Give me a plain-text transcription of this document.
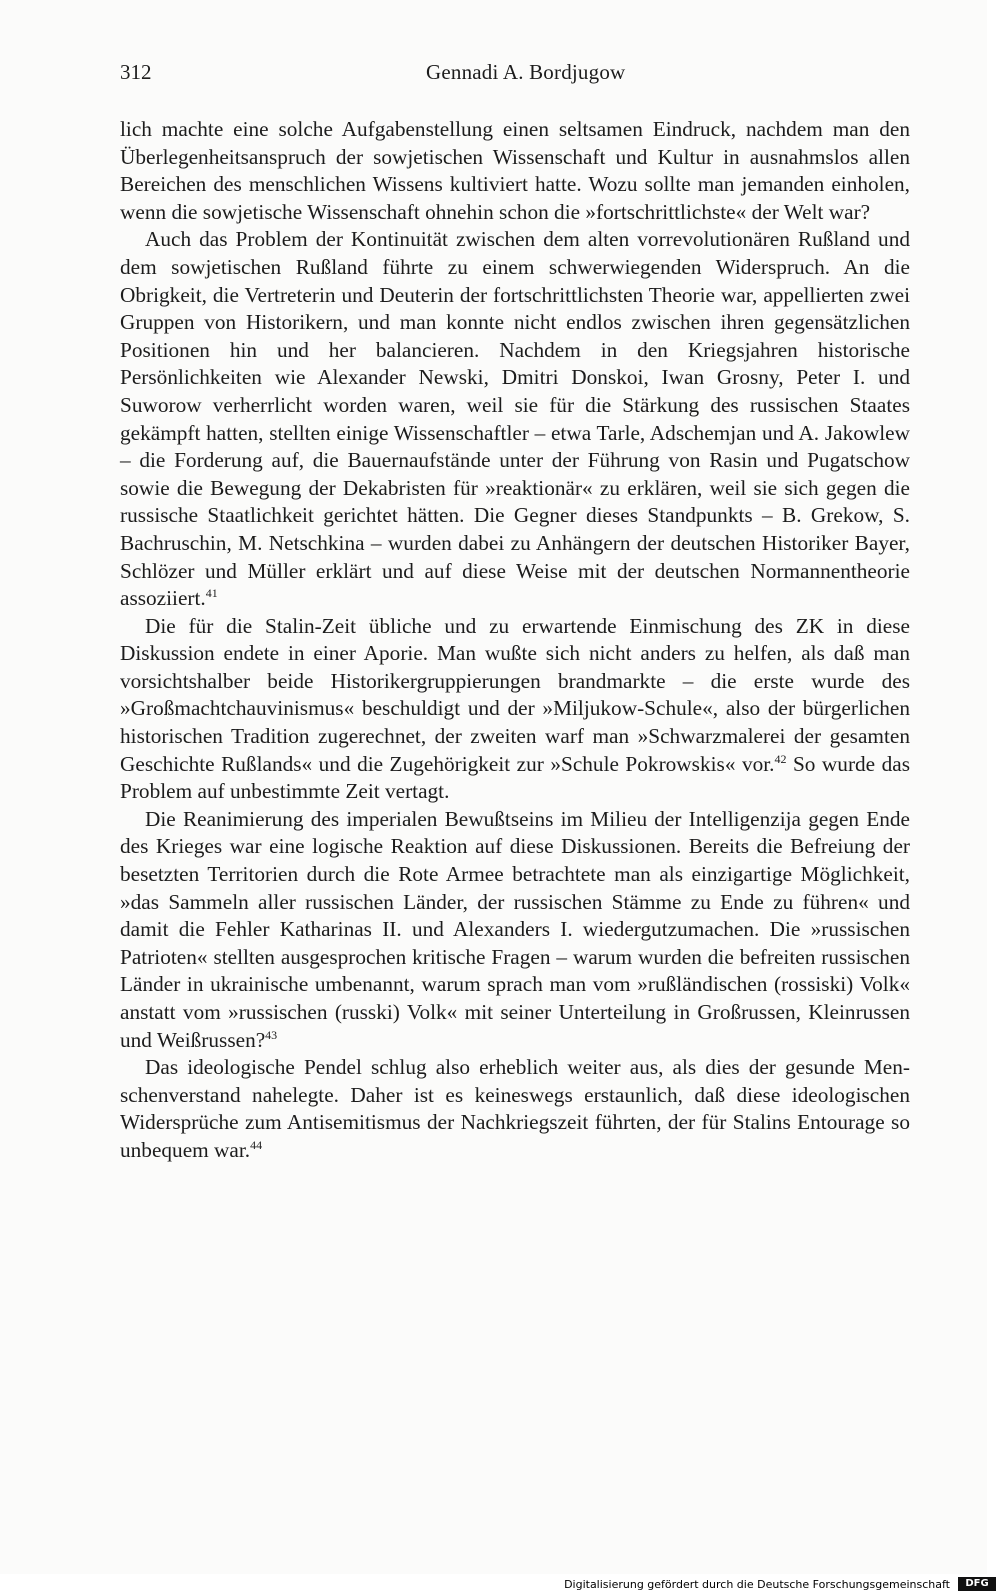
312	Gennadi A. Bordjugow

lich machte eine solche Aufgabenstellung einen seltsamen Eindruck, nachdem man den Überlegenheitsanspruch der sowjetischen Wissenschaft und Kultur in ausnahmslos allen Bereichen des menschlichen Wissens kultiviert hatte. Wozu sollte man jemanden einholen, wenn die sowjetische Wissenschaft ohnehin schon die »fortschrittlichste« der Welt war?

Auch das Problem der Kontinuität zwischen dem alten vorrevolutionären Rußland und dem sowjetischen Rußland führte zu einem schwerwiegenden Widerspruch. An die Obrigkeit, die Vertreterin und Deuterin der fortschrittlichsten Theorie war, appellierten zwei Gruppen von Historikern, und man konnte nicht endlos zwischen ihren gegensätzlichen Positionen hin und her balancieren. Nachdem in den Kriegsjahren historische Persönlichkeiten wie Alexander Newski, Dmitri Donskoi, Iwan Grosny, Peter I. und Suworow verherrlicht worden waren, weil sie für die Stärkung des russischen Staates gekämpft hatten, stellten einige Wissenschaftler – etwa Tarle, Adschemjan und A. Jakowlew – die Forderung auf, die Bauernaufstände unter der Führung von Rasin und Pugatschow sowie die Bewegung der Dekabristen für »reaktionär« zu erklären, weil sie sich gegen die russische Staatlichkeit gerichtet hätten. Die Gegner dieses Standpunkts – B. Grekow, S. Bachruschin, M. Netschkina – wurden dabei zu Anhängern der deutschen Historiker Bayer, Schlözer und Müller erklärt und auf diese Weise mit der deutschen Normannentheorie assoziiert.$^{41}$

Die für die Stalin-Zeit übliche und zu erwartende Einmischung des ZK in diese Diskussion endete in einer Aporie. Man wußte sich nicht anders zu helfen, als daß man vorsichtshalber beide Historikergruppierungen brandmarkte – die erste wurde des »Großmachtchauvinismus« beschuldigt und der »Miljukow-Schule«, also der bürgerlichen historischen Tradition zugerechnet, der zweiten warf man »Schwarzmalerei der gesamten Geschichte Rußlands« und die Zugehörigkeit zur »Schule Pokrowskis« vor.$^{42}$ So wurde das Problem auf unbestimmte Zeit vertagt.

Die Reanimierung des imperialen Bewußtseins im Milieu der Intelligenzija gegen Ende des Krieges war eine logische Reaktion auf diese Diskussionen. Bereits die Befreiung der besetzten Territorien durch die Rote Armee betrachtete man als einzigartige Möglichkeit, »das Sammeln aller russischen Länder, der russischen Stämme zu Ende zu führen« und damit die Fehler Katharinas II. und Alexanders I. wiedergutzumachen. Die »russischen Patrioten« stellten ausgesprochen kritische Fragen – warum wurden die befreiten russischen Länder in ukrainische umbenannt, warum sprach man vom »rußländischen (rossiski) Volk« anstatt vom »russischen (russki) Volk« mit seiner Unterteilung in Großrussen, Kleinrussen und Weißrussen?$^{43}$

Das ideologische Pendel schlug also erheblich weiter aus, als dies der gesunde Menschenverstand nahelegte. Daher ist es keineswegs erstaunlich, daß diese ideologischen Widersprüche zum Antisemitismus der Nachkriegszeit führten, der für Stalins Entourage so unbequem war.$^{44}$

Digitalisierung gefördert durch die Deutsche Forschungsgemeinschaft	DFG
